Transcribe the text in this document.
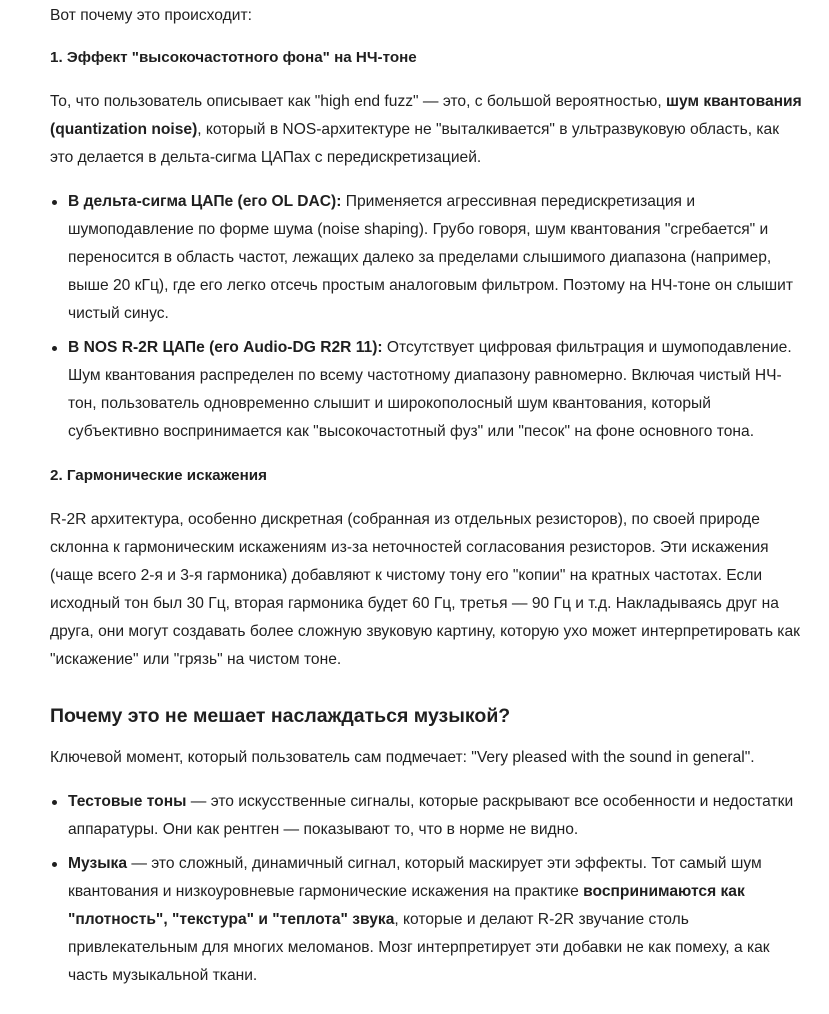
Вот почему это происходит:

1. Эффект "высокочастотного фона" на НЧ-тоне

То, что пользователь описывает как "high end fuzz" — это, с большой вероятностью, шум квантования (quantization noise), который в NOS-архитектуре не "выталкивается" в ультразвуковую область, как это делается в дельта-сигма ЦАПах с передискретизацией.

В дельта-сигма ЦАПе (его OL DAC): Применяется агрессивная передискретизация и шумоподавление по форме шума (noise shaping). Грубо говоря, шум квантования "сгребается" и переносится в область частот, лежащих далеко за пределами слышимого диапазона (например, выше 20 кГц), где его легко отсечь простым аналоговым фильтром. Поэтому на НЧ-тоне он слышит чистый синус.
В NOS R-2R ЦАПе (его Audio-DG R2R 11): Отсутствует цифровая фильтрация и шумоподавление. Шум квантования распределен по всему частотному диапазону равномерно. Включая чистый НЧ-тон, пользователь одновременно слышит и широкополосный шум квантования, который субъективно воспринимается как "высокочастотный фуз" или "песок" на фоне основного тона.

2. Гармонические искажения

R-2R архитектура, особенно дискретная (собранная из отдельных резисторов), по своей природе склонна к гармоническим искажениям из-за неточностей согласования резисторов. Эти искажения (чаще всего 2-я и 3-я гармоника) добавляют к чистому тону его "копии" на кратных частотах. Если исходный тон был 30 Гц, вторая гармоника будет 60 Гц, третья — 90 Гц и т.д. Накладываясь друг на друга, они могут создавать более сложную звуковую картину, которую ухо может интерпретировать как "искажение" или "грязь" на чистом тоне.

Почему это не мешает наслаждаться музыкой?

Ключевой момент, который пользователь сам подмечает: "Very pleased with the sound in general".

Тестовые тоны — это искусственные сигналы, которые раскрывают все особенности и недостатки аппаратуры. Они как рентген — показывают то, что в норме не видно.
Музыка — это сложный, динамичный сигнал, который маскирует эти эффекты. Тот самый шум квантования и низкоуровневые гармонические искажения на практике воспринимаются как "плотность", "текстура" и "теплота" звука, которые и делают R-2R звучание столь привлекательным для многих меломанов. Мозг интерпретирует эти добавки не как помеху, а как часть музыкальной ткани.
